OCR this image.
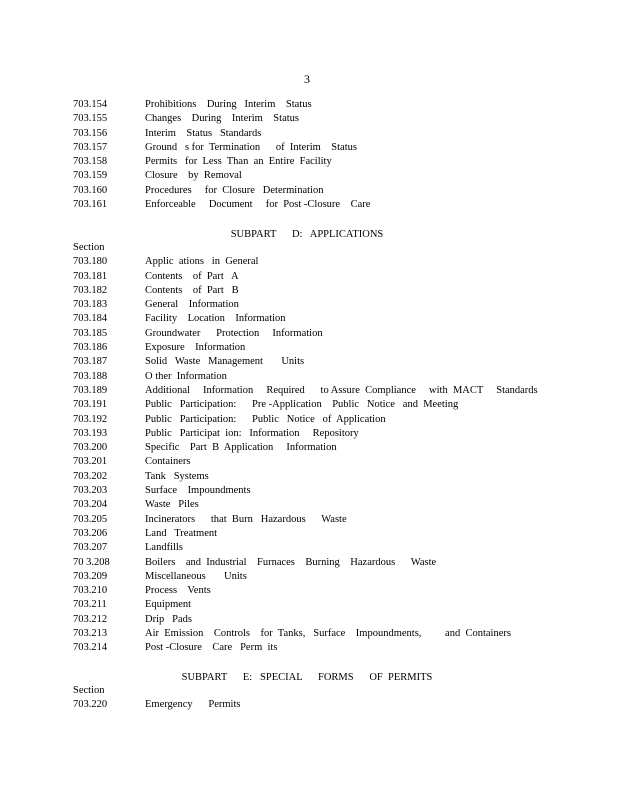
3
703.154	Prohibitions    During   Interim    Status
703.155	Changes    During    Interim    Status
703.156	Interim    Status   Standards
703.157	Ground   s for  Termination      of  Interim    Status
703.158	Permits   for  Less  Than  an  Entire  Facility
703.159	Closure    by  Removal
703.160	Procedures     for  Closure   Determination
703.161	Enforceable     Document     for  Post -Closure    Care
SUBPART      D:   APPLICATIONS
Section
703.180	Applic  ations   in  General
703.181	Contents    of  Part   A
703.182	Contents    of  Part   B
703.183	General    Information
703.184	Facility    Location    Information
703.185	Groundwater      Protection     Information
703.186	Exposure    Information
703.187	Solid   Waste   Management       Units
703.188	O ther  Information
703.189	Additional     Information     Required      to Assure  Compliance     with  MACT     Standards
703.191	Public   Participation:      Pre -Application    Public   Notice   and  Meeting
703.192	Public   Participation:      Public   Notice   of  Application
703.193	Public   Participat  ion:   Information     Repository
703.200	Specific    Part  B  Application     Information
703.201	Containers
703.202	Tank   Systems
703.203	Surface    Impoundments
703.204	Waste   Piles
703.205	Incinerators      that  Burn   Hazardous      Waste
703.206	Land   Treatment
703.207	Landfills
70 3.208	Boilers    and  Industrial    Furnaces    Burning    Hazardous      Waste
703.209	Miscellaneous       Units
703.210	Process    Vents
703.211	Equipment
703.212	Drip   Pads
703.213	Air  Emission    Controls    for  Tanks,   Surface    Impoundments,         and  Containers
703.214	Post -Closure    Care   Perm  its
SUBPART      E:   SPECIAL      FORMS      OF  PERMITS
Section
703.220	Emergency      Permits
